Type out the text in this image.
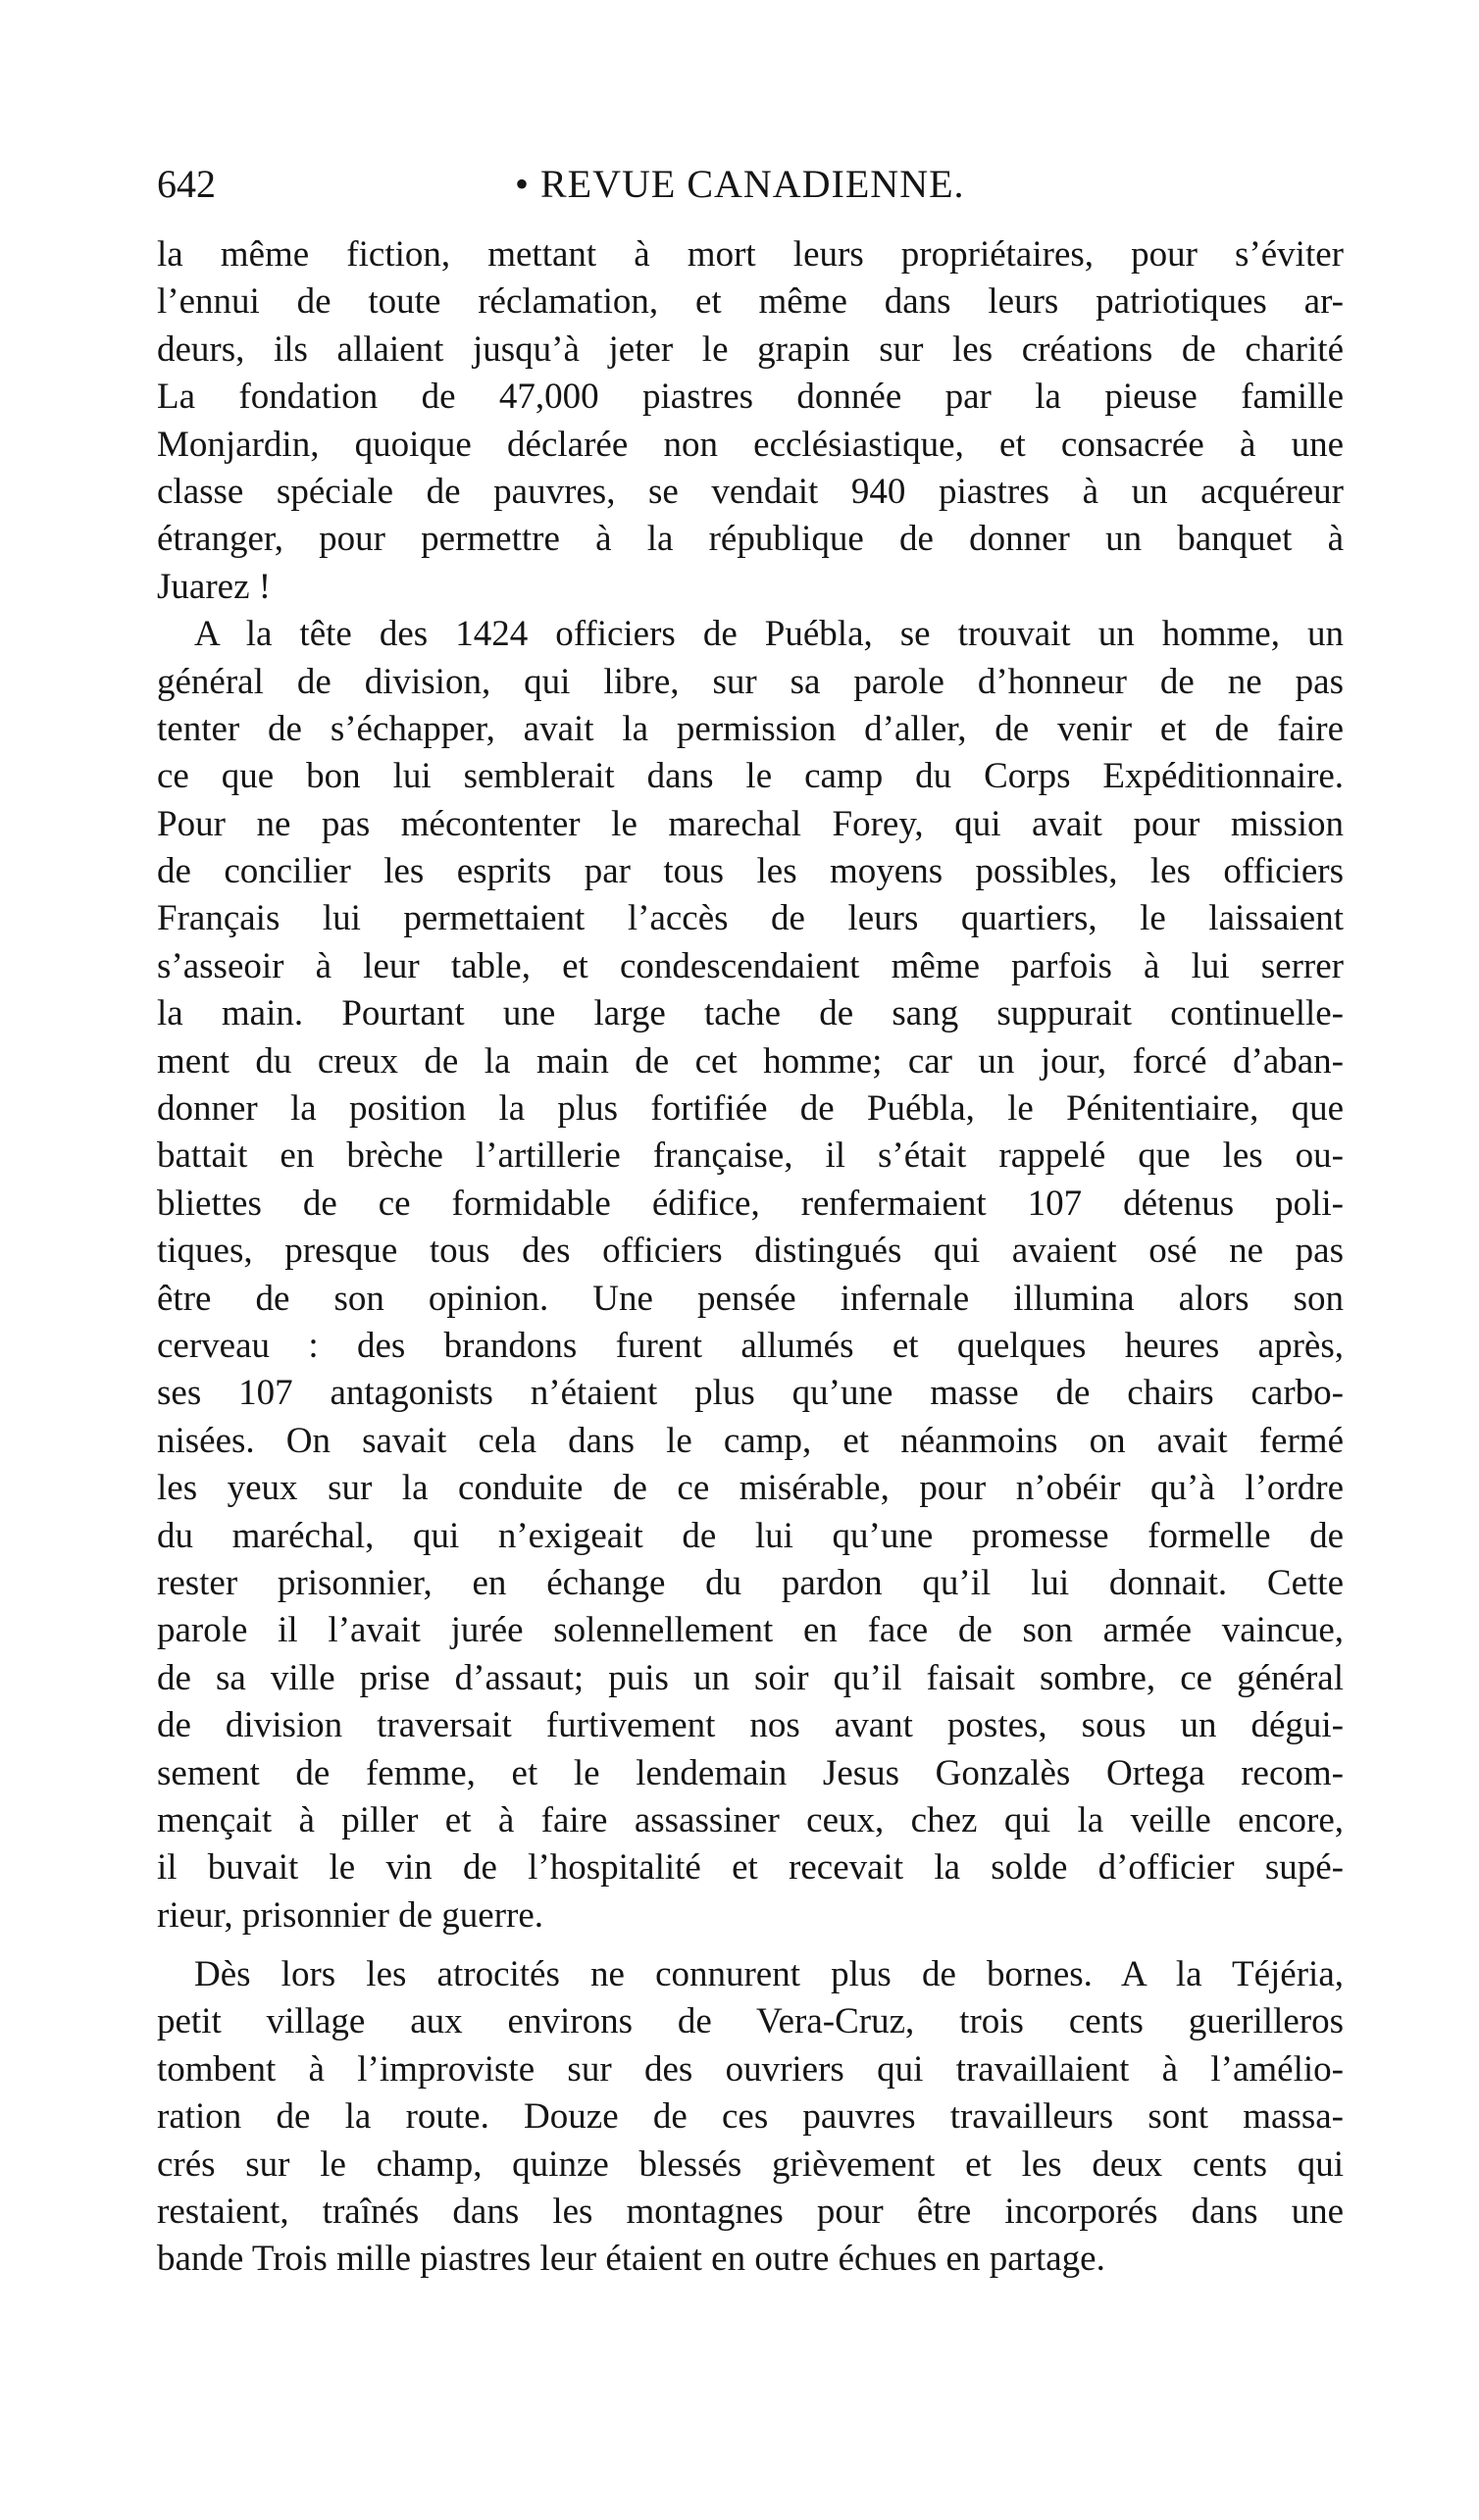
642	• REVUE CANADIENNE.
la même fiction, mettant à mort leurs propriétaires, pour s’éviter
l’ennui de toute réclamation, et même dans leurs patriotiques ar-
deurs, ils allaient jusqu’à jeter le grapin sur les créations de charité
La fondation de 47,000 piastres donnée par la pieuse famille
Monjardin, quoique déclarée non ecclésiastique, et consacrée à une
classe spéciale de pauvres, se vendait 940 piastres à un acquéreur
étranger, pour permettre à la république de donner un banquet à
Juarez !
A la tête des 1424 officiers de Puébla, se trouvait un homme, un
général de division, qui libre, sur sa parole d’honneur de ne pas
tenter de s’échapper, avait la permission d’aller, de venir et de faire
ce que bon lui semblerait dans le camp du Corps Expéditionnaire.
Pour ne pas mécontenter le marechal Forey, qui avait pour mission
de concilier les esprits par tous les moyens possibles, les officiers
Français lui permettaient l’accès de leurs quartiers, le laissaient
s’asseoir à leur table, et condescendaient même parfois à lui serrer
la main. Pourtant une large tache de sang suppurait continuelle-
ment du creux de la main de cet homme; car un jour, forcé d’aban-
donner la position la plus fortifiée de Puébla, le Pénitentiaire, que
battait en brèche l’artillerie française, il s’était rappelé que les ou-
bliettes de ce formidable édifice, renfermaient 107 détenus poli-
tiques, presque tous des officiers distingués qui avaient osé ne pas
être de son opinion. Une pensée infernale illumina alors son
cerveau : des brandons furent allumés et quelques heures après,
ses 107 antagonists n’étaient plus qu’une masse de chairs carbo-
nisées. On savait cela dans le camp, et néanmoins on avait fermé
les yeux sur la conduite de ce misérable, pour n’obéir qu’à l’ordre
du maréchal, qui n’exigeait de lui qu’une promesse formelle de
rester prisonnier, en échange du pardon qu’il lui donnait. Cette
parole il l’avait jurée solennellement en face de son armée vaincue,
de sa ville prise d’assaut; puis un soir qu’il faisait sombre, ce général
de division traversait furtivement nos avant postes, sous un dégui-
sement de femme, et le lendemain Jesus Gonzalès Ortega recom-
mençait à piller et à faire assassiner ceux, chez qui la veille encore,
il buvait le vin de l’hospitalité et recevait la solde d’officier supé-
rieur, prisonnier de guerre.
Dès lors les atrocités ne connurent plus de bornes. A la Téjéria,
petit village aux environs de Vera-Cruz, trois cents guerilleros
tombent à l’improviste sur des ouvriers qui travaillaient à l’amélio-
ration de la route. Douze de ces pauvres travailleurs sont massa-
crés sur le champ, quinze blessés grièvement et les deux cents qui
restaient, traînés dans les montagnes pour être incorporés dans une
bande Trois mille piastres leur étaient en outre échues en partage.
